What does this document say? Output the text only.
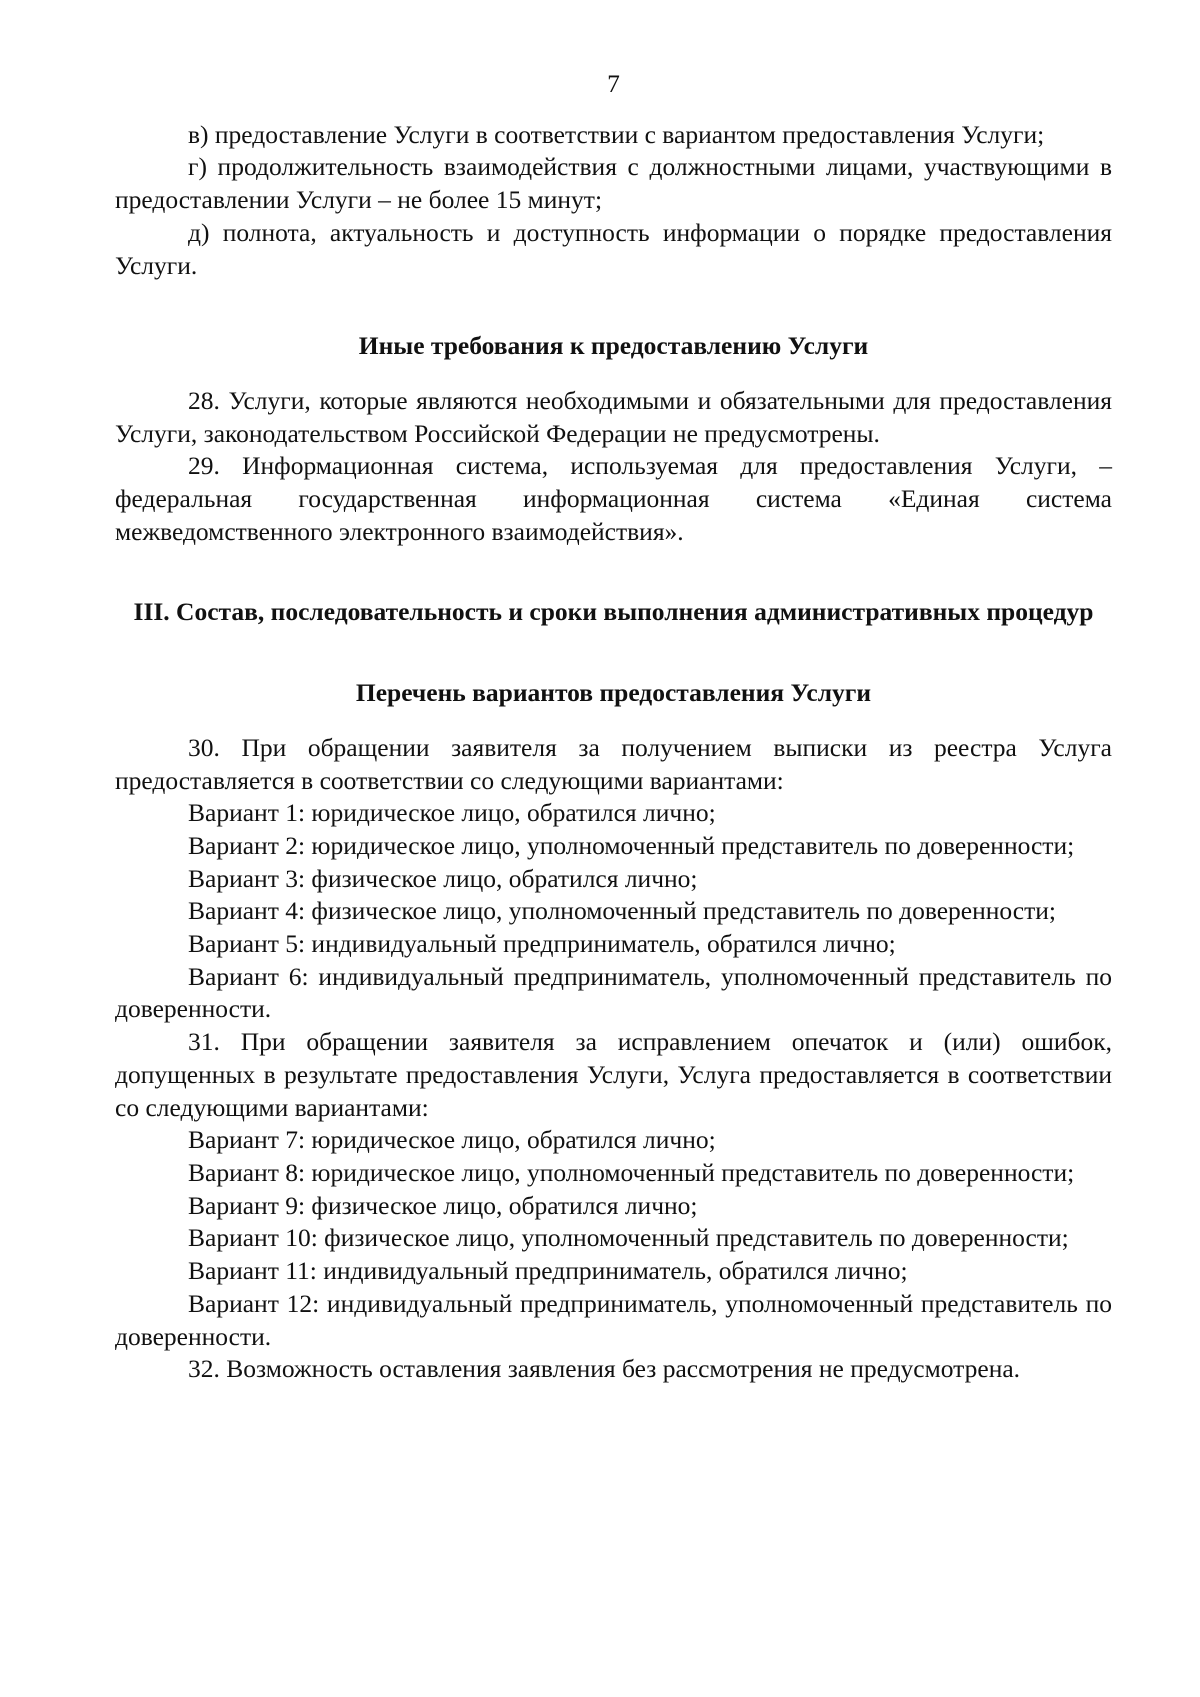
7

в) предоставление Услуги в соответствии с вариантом предоставления Услуги;

г) продолжительность взаимодействия с должностными лицами, участвующими в предоставлении Услуги – не более 15 минут;

д) полнота, актуальность и доступность информации о порядке предоставления Услуги.

Иные требования к предоставлению Услуги

28. Услуги, которые являются необходимыми и обязательными для предоставления Услуги, законодательством Российской Федерации не предусмотрены.

29. Информационная система, используемая для предоставления Услуги, – федеральная государственная информационная система «Единая система межведомственного электронного взаимодействия».

III. Состав, последовательность и сроки выполнения административных процедур
Перечень вариантов предоставления Услуги

30. При обращении заявителя за получением выписки из реестра Услуга предоставляется в соответствии со следующими вариантами:

Вариант 1: юридическое лицо, обратился лично;

Вариант 2: юридическое лицо, уполномоченный представитель по доверенности;

Вариант 3: физическое лицо, обратился лично;

Вариант 4: физическое лицо, уполномоченный представитель по доверенности;

Вариант 5: индивидуальный предприниматель, обратился лично;

Вариант 6: индивидуальный предприниматель, уполномоченный представитель по доверенности.

31. При обращении заявителя за исправлением опечаток и (или) ошибок, допущенных в результате предоставления Услуги, Услуга предоставляется в соответствии со следующими вариантами:

Вариант 7: юридическое лицо, обратился лично;

Вариант 8: юридическое лицо, уполномоченный представитель по доверенности;

Вариант 9: физическое лицо, обратился лично;

Вариант 10: физическое лицо, уполномоченный представитель по доверенности;

Вариант 11: индивидуальный предприниматель, обратился лично;

Вариант 12: индивидуальный предприниматель, уполномоченный представитель по доверенности.

32. Возможность оставления заявления без рассмотрения не предусмотрена.
